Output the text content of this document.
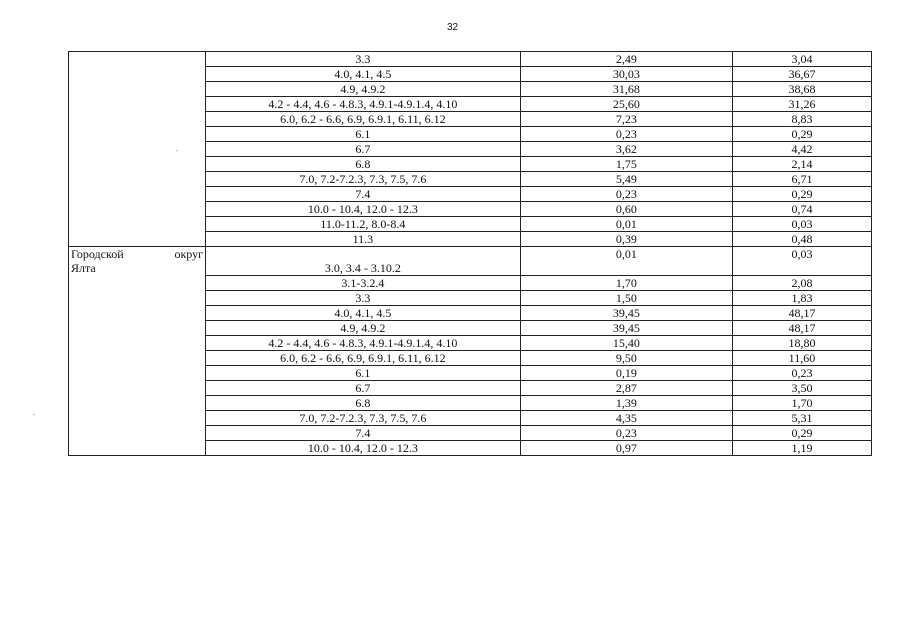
32
	3.3	2,49	3,04
	4.0, 4.1, 4.5	30,03	36,67
	4.9, 4.9.2	31,68	38,68
	4.2 - 4.4, 4.6 - 4.8.3, 4.9.1-4.9.1.4, 4.10	25,60	31,26
	6.0, 6.2 - 6.6, 6.9, 6.9.1, 6.11, 6.12	7,23	8,83
	6.1	0,23	0,29
	6.7	3,62	4,42
	6.8	1,75	2,14
	7.0, 7.2-7.2.3, 7.3, 7.5, 7.6	5,49	6,71
	7.4	0,23	0,29
	10.0 - 10.4, 12.0 - 12.3	0,60	0,74
	11.0-11.2, 8.0-8.4	0,01	0,03
	11.3	0,39	0,48

Городской округ
Ялта	3.0, 3.4 - 3.10.2	0,01	0,03
	3.1-3.2.4	1,70	2,08
	3.3	1,50	1,83
	4.0, 4.1, 4.5	39,45	48,17
	4.9, 4.9.2	39,45	48,17
	4.2 - 4.4, 4.6 - 4.8.3, 4.9.1-4.9.1.4, 4.10	15,40	18,80
	6.0, 6.2 - 6.6, 6.9, 6.9.1, 6.11, 6.12	9,50	11,60
	6.1	0,19	0,23
	6.7	2,87	3,50
	6.8	1,39	1,70
	7.0, 7.2-7.2.3, 7.3, 7.5, 7.6	4,35	5,31
	7.4	0,23	0,29
	10.0 - 10.4, 12.0 - 12.3	0,97	1,19
